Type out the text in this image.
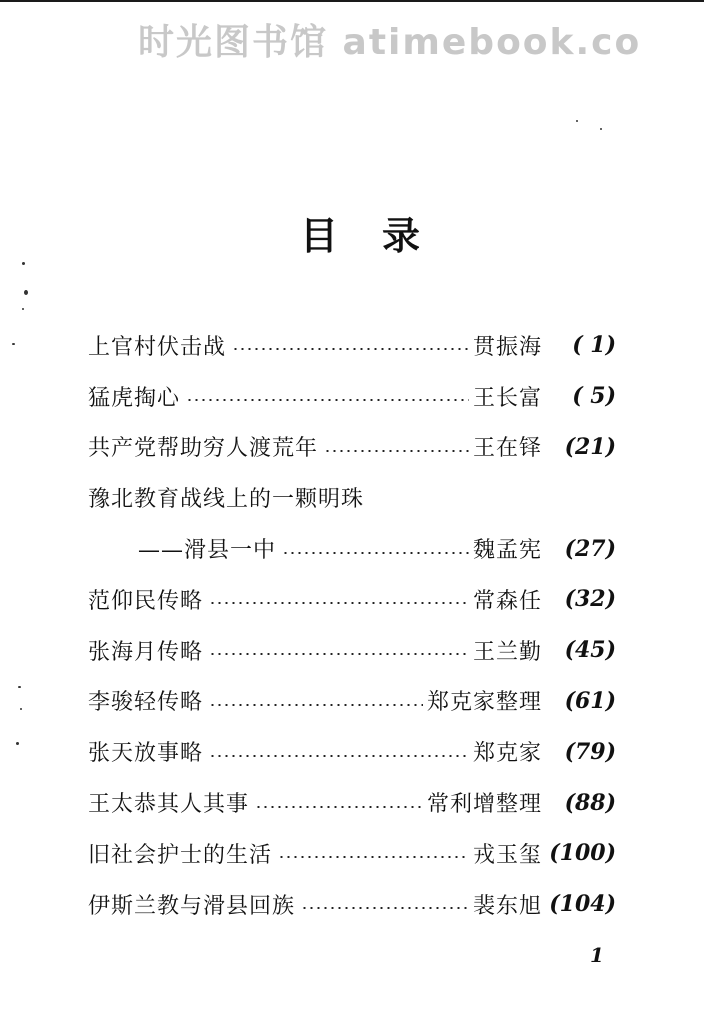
时光图书馆 atimebook.co
目录
上官村伏击战	贯振海	( 1)
猛虎掏心	王长富	( 5)
共产党帮助穷人渡荒年	王在铎	(21)
豫北教育战线上的一颗明珠
——滑县一中	魏孟宪	(27)
范仰民传略	常森任	(32)
张海月传略	王兰勤	(45)
李骏轻传略	郑克家整理	(61)
张天放事略	郑克家	(79)
王太恭其人其事	常利增整理	(88)
旧社会护士的生活	戎玉玺 (100)
伊斯兰教与滑县回族	裴东旭 (104)
1
